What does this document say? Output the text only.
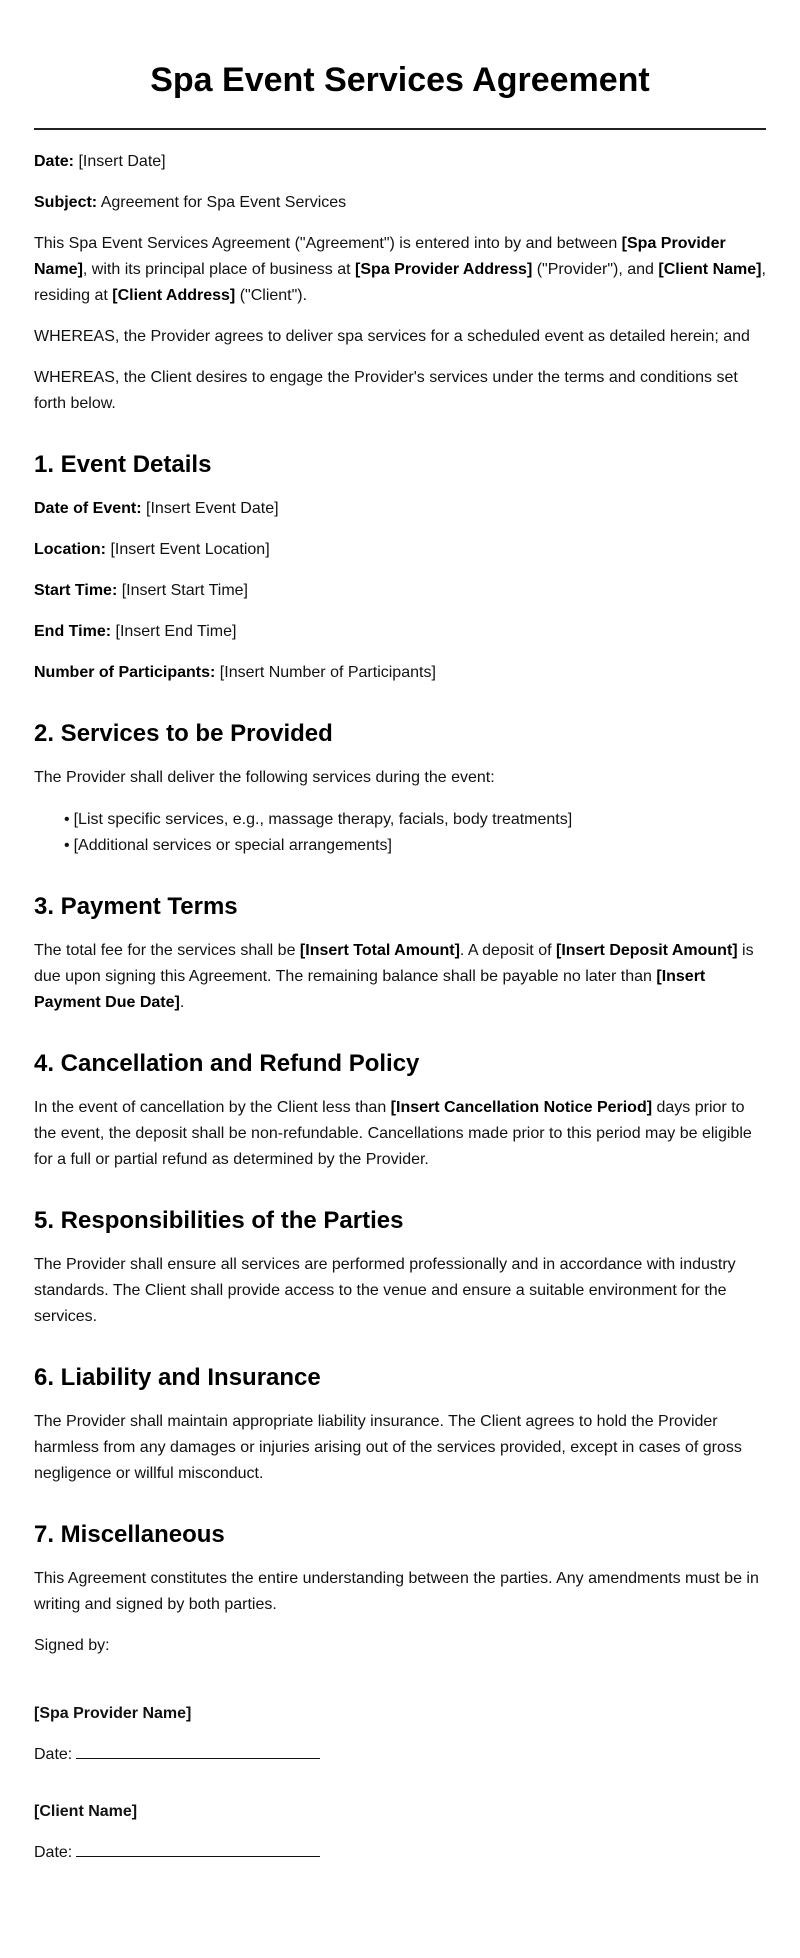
Spa Event Services Agreement

Date: [Insert Date]

Subject: Agreement for Spa Event Services

This Spa Event Services Agreement ("Agreement") is entered into by and between [Spa Provider Name], with its principal place of business at [Spa Provider Address] ("Provider"), and [Client Name], residing at [Client Address] ("Client").

WHEREAS, the Provider agrees to deliver spa services for a scheduled event as detailed herein; and

WHEREAS, the Client desires to engage the Provider's services under the terms and conditions set forth below.

1. Event Details

Date of Event: [Insert Event Date]

Location: [Insert Event Location]

Start Time: [Insert Start Time]

End Time: [Insert End Time]

Number of Participants: [Insert Number of Participants]

2. Services to be Provided

The Provider shall deliver the following services during the event:

• [List specific services, e.g., massage therapy, facials, body treatments]
• [Additional services or special arrangements]
3. Payment Terms

The total fee for the services shall be [Insert Total Amount]. A deposit of [Insert Deposit Amount] is due upon signing this Agreement. The remaining balance shall be payable no later than [Insert Payment Due Date].

4. Cancellation and Refund Policy

In the event of cancellation by the Client less than [Insert Cancellation Notice Period] days prior to the event, the deposit shall be non-refundable. Cancellations made prior to this period may be eligible for a full or partial refund as determined by the Provider.

5. Responsibilities of the Parties

The Provider shall ensure all services are performed professionally and in accordance with industry standards. The Client shall provide access to the venue and ensure a suitable environment for the services.

6. Liability and Insurance

The Provider shall maintain appropriate liability insurance. The Client agrees to hold the Provider harmless from any damages or injuries arising out of the services provided, except in cases of gross negligence or willful misconduct.

7. Miscellaneous

This Agreement constitutes the entire understanding between the parties. Any amendments must be in writing and signed by both parties.

Signed by:

[Spa Provider Name]

Date:

[Client Name]

Date:
